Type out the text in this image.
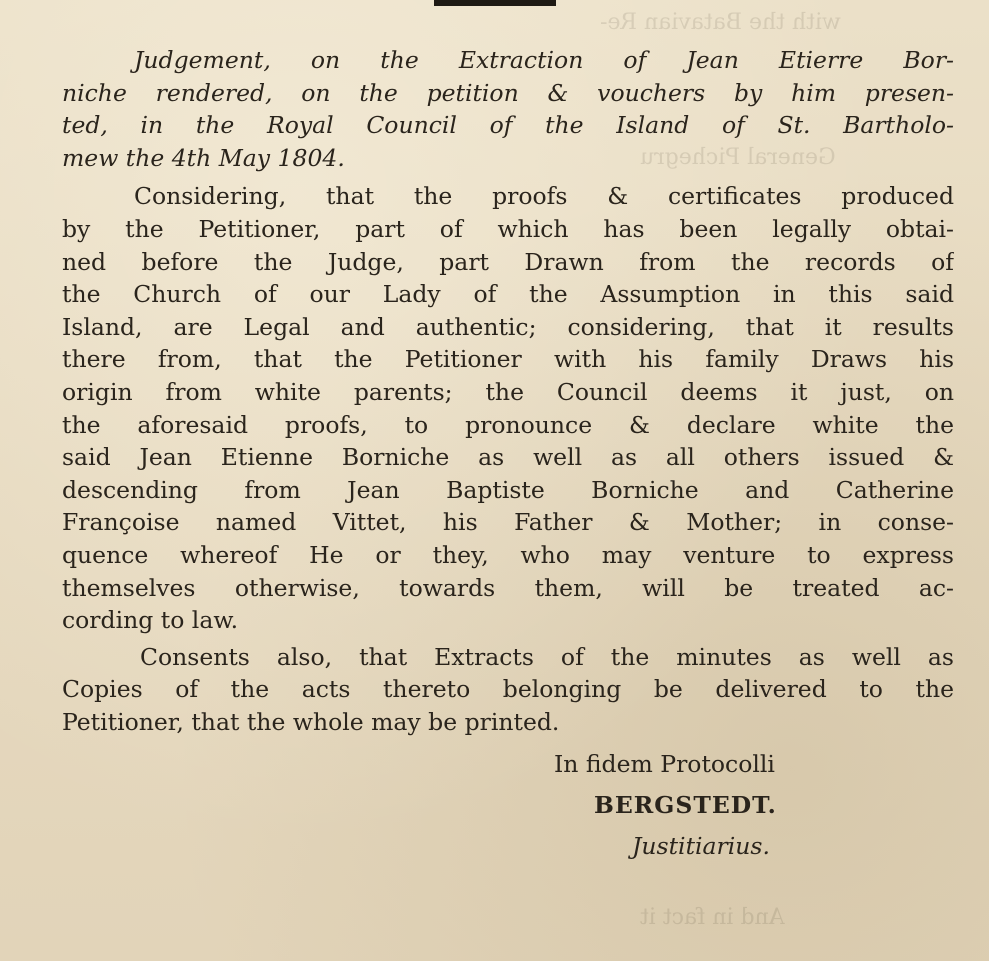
with the Batavian Re-
General Pichegru
And in fact it
Judgement, on the Extraction of Jean Etierre Bor-
niche rendered, on the petition & vouchers by him presen-
ted, in the Royal Council of the Island of St. Bartholo-
mew the 4th May 1804.
Considering, that the proofs & certificates produced
by the Petitioner, part of which has been legally obtai-
ned before the Judge, part Drawn from the records of
the Church of our Lady of the Assumption in this said
Island, are Legal and authentic; considering, that it results
there from, that the Petitioner with his family Draws his
origin from white parents; the Council deems it just, on
the aforesaid proofs, to pronounce & declare white the
said Jean Etienne Borniche as well as all others issued &
descending from Jean Baptiste Borniche and Catherine
Françoise named Vittet, his Father & Mother; in conse-
quence whereof He or they, who may venture to express
themselves otherwise, towards them, will be treated ac-
cording to law.
Consents also, that Extracts of the minutes as well as
Copies of the acts thereto belonging be delivered to the
Petitioner, that the whole may be printed.
In fidem Protocolli
BERGSTEDT.
Justitiarius.
